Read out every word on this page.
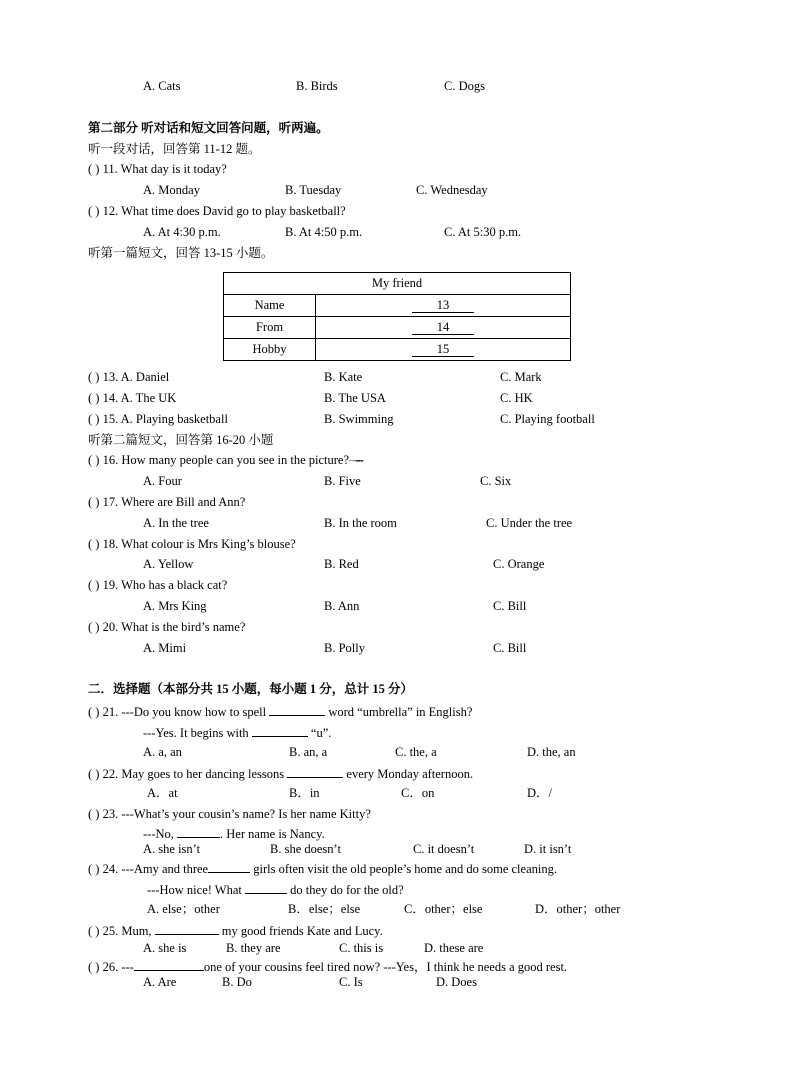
A. Cats	B. Birds	C. Dogs
第二部分 听对话和短文回答问题，听两遍。
听一段对话，回答第 11-12 题。
( ) 11. What day is it today?
A. Monday	B. Tuesday	C. Wednesday
( ) 12. What time does David go to play basketball?
A. At 4:30 p.m.	B. At 4:50 p.m.	C. At 5:30 p.m.
听第一篇短文，回答 13-15 小题。
My friend	
Name	13
From	14
Hobby	15
( ) 13. A. Daniel	B. Kate	C. Mark
( ) 14. A. The UK	B. The USA	C. HK
( ) 15. A. Playing basketball	B. Swimming	C. Playing football
听第二篇短文，回答第 16-20 小题
( ) 16. How many people can you see in the picture?┈╼╍
A. Four	B. Five	C. Six
( ) 17. Where are Bill and Ann?
A. In the tree	B. In the room	C. Under the tree
( ) 18. What colour is Mrs King’s blouse?
A. Yellow	B. Red	C. Orange
( ) 19. Who has a black cat?
A. Mrs King	B. Ann	C. Bill
( ) 20. What is the bird’s name?
A. Mimi	B. Polly	C. Bill
二．选择题（本部分共 15 小题，每小题 1 分，总计 15 分）
( ) 21. ---Do you know how to spell	word “umbrella” in English?
---Yes. It begins with	“u”.
A. a, an	B. an, a	C. the, a	D. the, an
( ) 22. May goes to her dancing lessons	every Monday afternoon.
A．at	B．in	C．on	D．/
( ) 23. ---What’s your cousin’s name? Is her name Kitty?
---No,	. Her name is Nancy.
A. she isn’t	B. she doesn’t	C. it doesn’t	D. it isn’t
( ) 24. ---Amy and three	girls often visit the old people’s home and do some cleaning.
---How nice! What	do they do for the old?
A. else；other	B．else；else	C．other；else	D．other；other
( ) 25. Mum,	my good friends Kate and Lucy.
A. she is	B. they are	C. this is	D. these are
( ) 26. ---	one of your cousins feel tired now? ---Yes，I think he needs a good rest.
A. Are	B. Do	C. Is	D. Does
